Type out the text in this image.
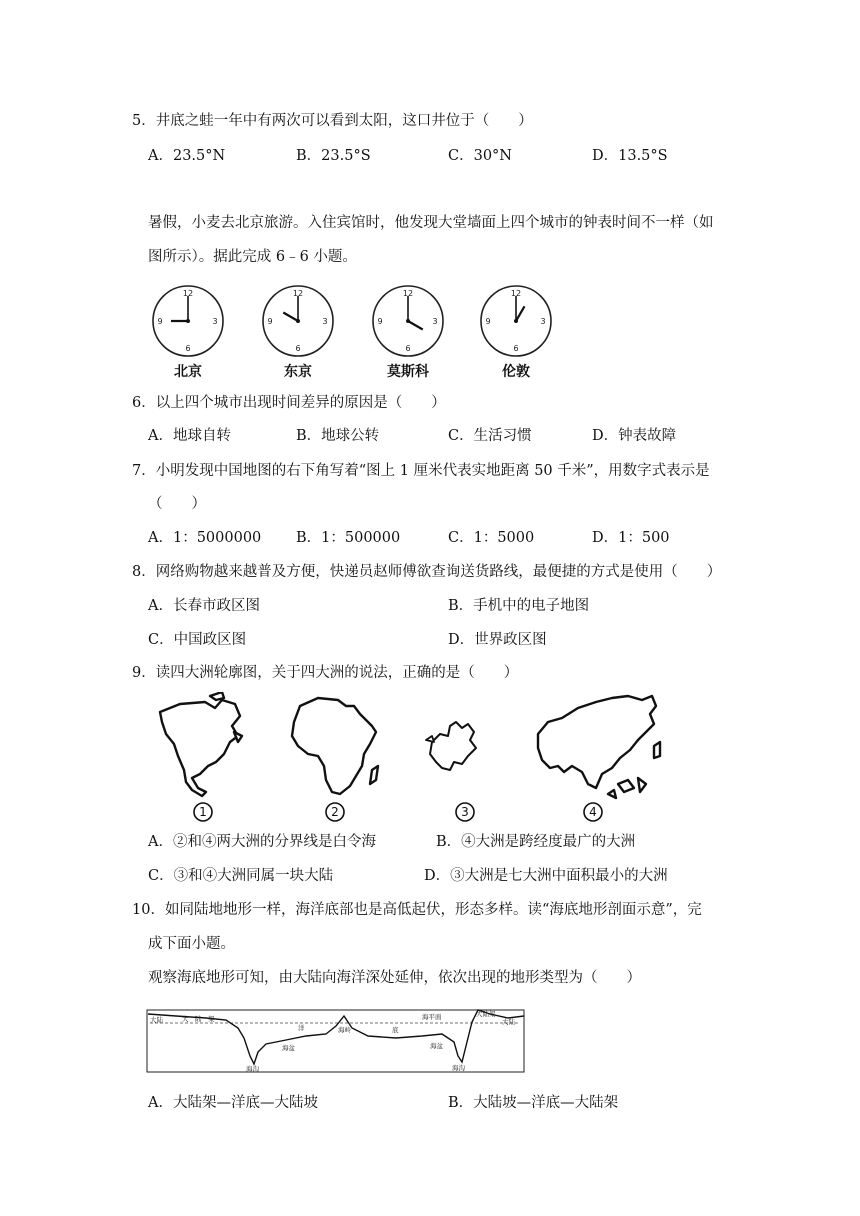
5．井底之蛙一年中有两次可以看到太阳，这口井位于（　　）
A．23.5°N	B．23.5°S	C．30°N	D．13.5°S
暑假，小麦去北京旅游。入住宾馆时，他发现大堂墙面上四个城市的钟表时间不一样（如
图所示）。据此完成 6﹣6 小题。
12
3
6
9
北京
12
3
6
9
东京
12
3
6
9
莫斯科
12
3
6
9
伦敦
6．以上四个城市出现时间差异的原因是（　　）
A．地球自转	B．地球公转	C．生活习惯	D．钟表故障
7．小明发现中国地图的右下角写着“图上 1 厘米代表实地距离 50 千米”，用数字式表示是
（　　）
A．1：5000000 B．1：500000	C．1：5000	D．1：500
8．网络购物越来越普及方便，快递员赵师傅欲查询送货路线，最便捷的方式是使用（　　）
A．长春市政区图	B．手机中的电子地图
C．中国政区图	D．世界政区图
9．读四大洲轮廓图，关于四大洲的说法，正确的是（　　）
1	2	3	4
A．②和④两大洲的分界线是白令海	B．④大洲是跨经度最广的大洲
C．③和④大洲同属一块大陆	D．③大洲是七大洲中面积最小的大洲
10．如同陆地地形一样，海洋底部也是高低起伏，形态多样。读“海底地形剖面示意”，完
成下面小题。
观察海底地形可知，由大陆向海洋深处延伸，依次出现的地形类型为（　　）
大陆	大　陆　架	海平面
洋	底
海盆
海岭
海盆
海沟	海沟
大陆架
大陆
A．大陆架—洋底—大陆坡	B．大陆坡—洋底—大陆架
